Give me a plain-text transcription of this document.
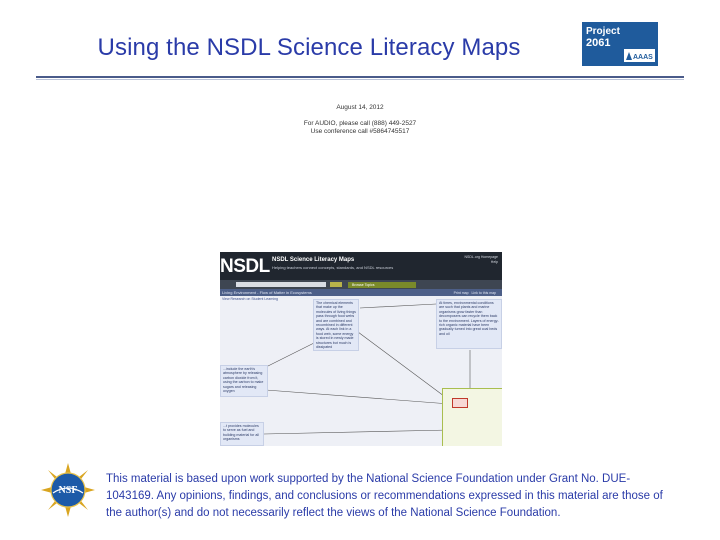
Using the NSDL Science Literacy Maps
Project
2061
AAAS
August 14, 2012
For AUDIO, please call (888) 449-2527
Use conference call #5864745517
NSDL NSDL Science Literacy Maps
Helping teachers connect concepts, standards, and NSDL resources
NSDL.org Homepage
Help
Browse Topics
Living Environment - Flow of Matter in Ecosystems	Print map Link to this map
View Research on Student Learning
The chemical elements that make up the molecules of living things pass through food webs and are combined and recombined in different ways. At each link in a food web, some energy is stored in newly made structures but much is dissipated
At times, environmental conditions are such that plants and marine organisms grow faster than decomposers can recycle them back to the environment. Layers of energy-rich organic material have been gradually turned into great coal beds and oil
...include the earth's atmosphere by releasing carbon dioxide from it, using the carbon to make sugars and releasing oxygen
...t provides molecules to serve as fuel and building material for all organisms
NSF
This material is based upon work supported by the National Science Foundation under Grant No. DUE-1043169. Any opinions, findings, and conclusions or recommendations expressed in this material are those of the author(s) and do not necessarily reflect the views of the National Science Foundation.
